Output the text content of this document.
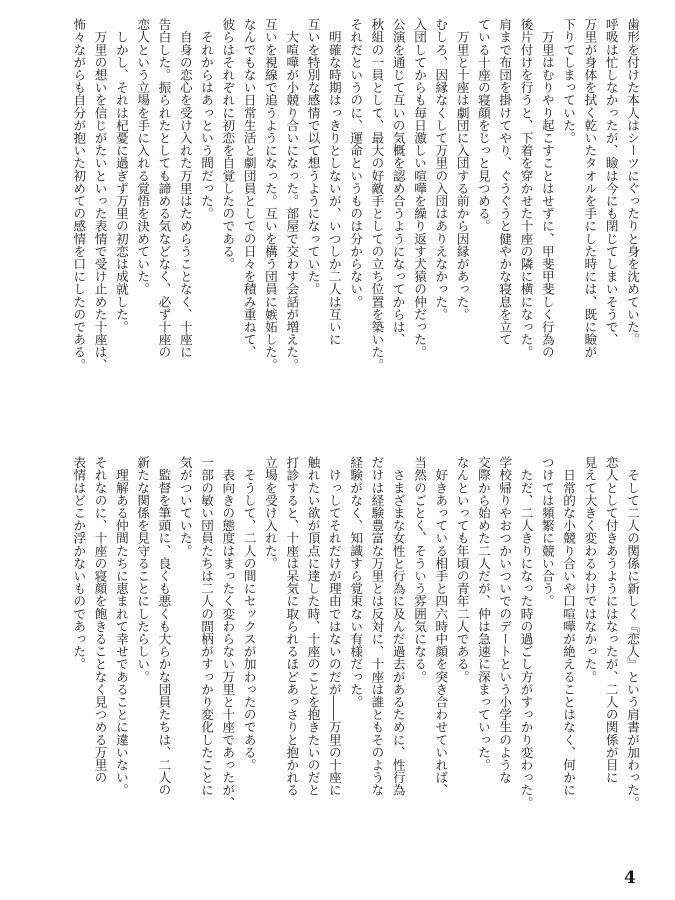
歯形を付けた本人はシーツにぐったりと身を沈めていた。
呼吸は忙しなかったが、瞼は今にも閉じてしまいそうで、
万里が身体を拭く乾いたタオルを手にした時には、既に瞼が
下りてしまっていた。
　万里はむりやり起こすことはせずに、甲斐甲斐しく行為の
後片付けを行うと、下着を穿かせた十座の隣に横になった。
肩まで布団を掛けてやり、ぐうぐうと健やかな寝息を立て
ている十座の寝顔をじっと見つめる。
　万里と十座は劇団に入団する前から因縁があった。
むしろ、因縁なくして万里の入団はありえなかった。
入団してからも毎日激しい喧嘩を繰り返す犬猿の仲だった。
公演を通じて互いの気概を認め合うようになってからは、
秋組の一員として、最大の好敵手としての立ち位置を築いた。
それだというのに、運命というものは分からない。
　明確な時期はっきりとしないが、いつしか二人は互いに
互いを特別な感情で以て想うようになっていた。
　大喧嘩が小競り合いになった。部屋で交わす会話が増えた。
互いを視線で追うようになった。互いを構う団員に嫉妬した。
なんでもない日常生活と劇団員としての日々を積み重ねて、
彼らはそれぞれに初恋を自覚したのである。
　それからはあっという間だった。
　自身の恋心を受け入れた万里はためらうことなく、十座に
告白した。振られたとしても諦める気などなく、必ず十座の
恋人という立場を手に入れる覚悟を決めていた。
　しかし、それは杞憂に過ぎず万里の初恋は成就した。
　万里の想いを信じがたいといった表情で受け止めた十座は、
怖々ながらも自分が抱いた初めての感情を口にしたのである。
　そして二人の関係に新しく『恋人』という肩書が加わった。
恋人として付きあうようにはなったが、二人の関係が目に
見えて大きく変わるわけではなかった。
　日常的な小競り合いや口喧嘩が絶えることはなく、何かに
つけては頻繁に競い合う。
　ただ、二人きりになった時の過ごし方がすっかり変わった。
学校帰りやおつかいついでのデートという小学生のような
交際から始めた二人だが、仲は急速に深まっていった。
なんといっても年頃の青年二人である。
　好きあっている相手と四六時中顔を突き合わせていれば、
当然のごとく、そういう雰囲気になる。
　さまざまな女性と行為に及んだ過去があるために、性行為
だけは経験豊富な万里とは反対に、十座は誰ともそのような
経験がなく、知識すら覚束ない有様だった。
　けっしてそれだけが理由ではないのだが――万里の十座に
触れたい欲が頂点に達した時、十座のことを抱きたいのだと
打診すると、十座は呆気に取られるほどあっさりと抱かれる
立場を受け入れた。
　そうして、二人の間にセックスが加わったのである。
　表向きの態度はまったく変わらない万里と十座であったが、
一部の敏い団員たちは二人の間柄がすっかり変化したことに
気がついていた。
　監督を筆頭に、良くも悪くも大らかな団員たちは、二人の
新たな関係を見守ることにしたらしい。
　理解ある仲間たちに恵まれて幸せであることに違いない。
それなのに、十座の寝顔を飽きることなく見つめる万里の
表情はどこか浮かないものであった。
4
